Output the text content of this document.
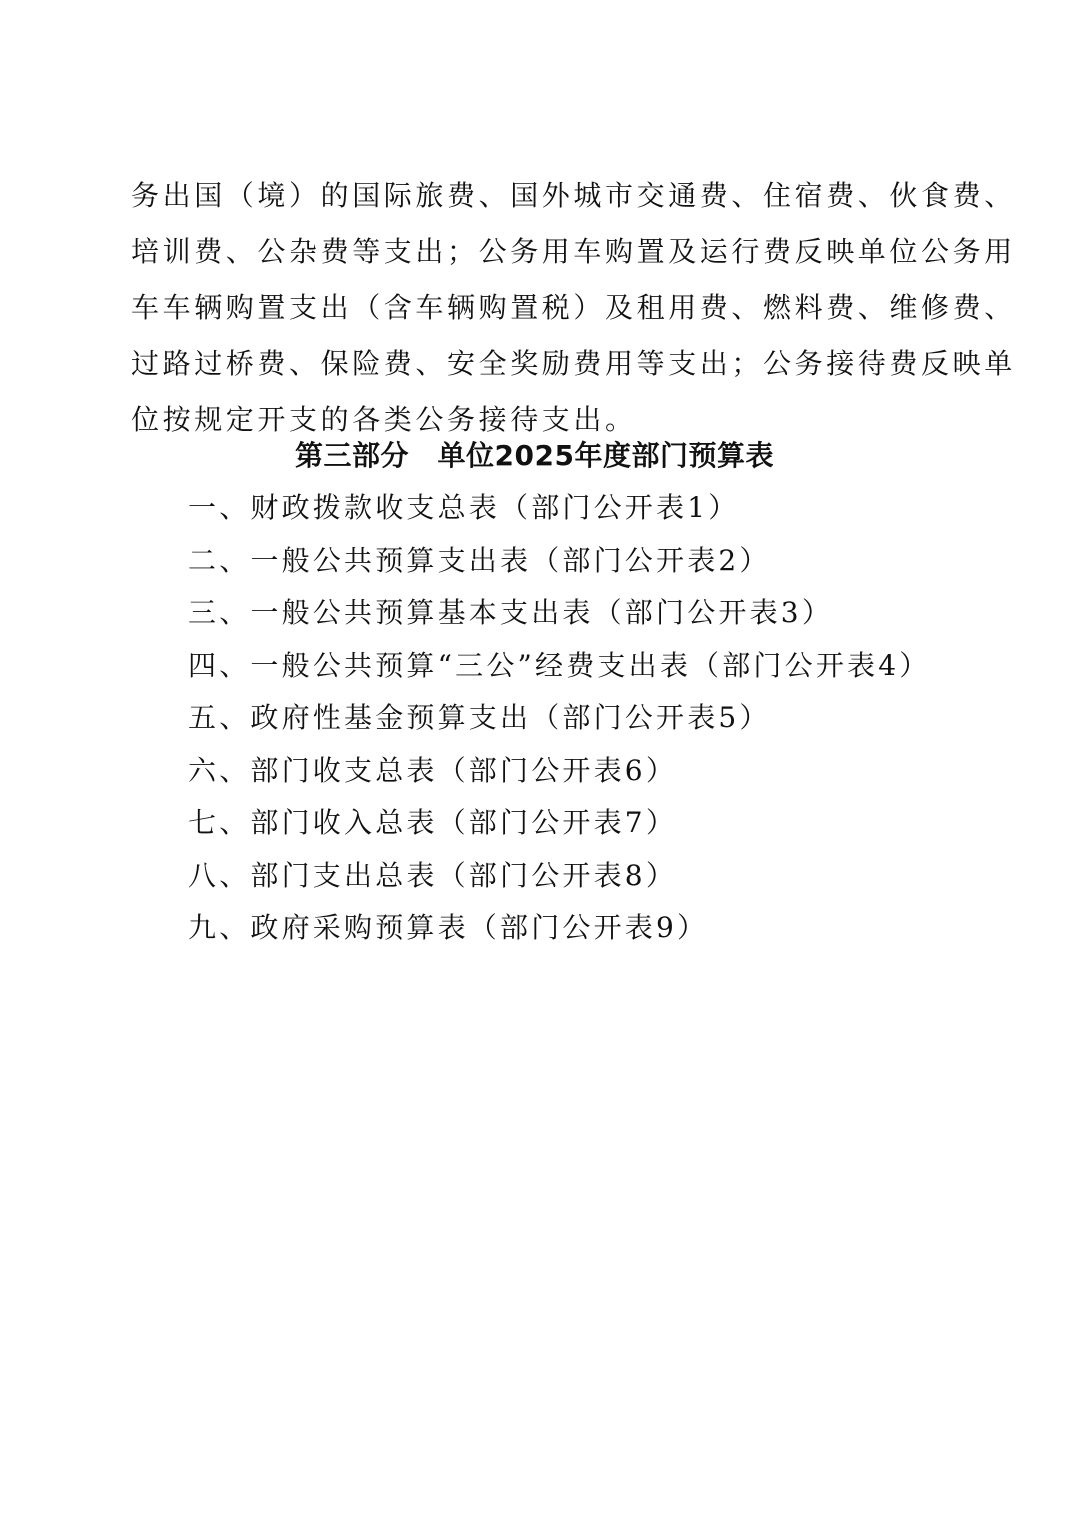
务出国（境）的国际旅费、国外城市交通费、住宿费、伙食费、
培训费、公杂费等支出；公务用车购置及运行费反映单位公务用
车车辆购置支出（含车辆购置税）及租用费、燃料费、维修费、
过路过桥费、保险费、安全奖励费用等支出；公务接待费反映单
位按规定开支的各类公务接待支出。
第三部分　单位2025年度部门预算表
一、财政拨款收支总表（部门公开表1）
二、一般公共预算支出表（部门公开表2）
三、一般公共预算基本支出表（部门公开表3）
四、一般公共预算“三公”经费支出表（部门公开表4）
五、政府性基金预算支出（部门公开表5）
六、部门收支总表（部门公开表6）
七、部门收入总表（部门公开表7）
八、部门支出总表（部门公开表8）
九、政府采购预算表（部门公开表9）
